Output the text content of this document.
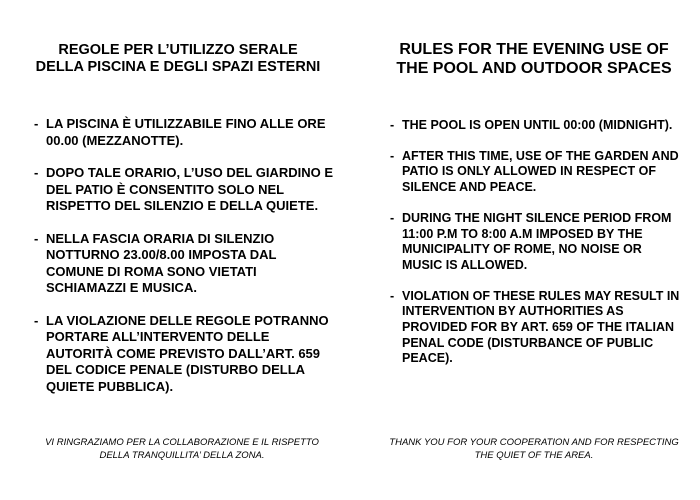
REGOLE PER L’UTILIZZO SERALE DELLA PISCINA E DEGLI SPAZI ESTERNI
- LA PISCINA È UTILIZZABILE FINO ALLE ORE 00.00 (MEZZANOTTE).
- DOPO TALE ORARIO, L’USO DEL GIARDINO E DEL PATIO È CONSENTITO SOLO NEL RISPETTO DEL SILENZIO E DELLA QUIETE.
- NELLA FASCIA ORARIA DI SILENZIO NOTTURNO 23.00/8.00 IMPOSTA DAL COMUNE DI ROMA SONO VIETATI SCHIAMAZZI E MUSICA.
- LA VIOLAZIONE DELLE REGOLE POTRANNO PORTARE ALL’INTERVENTO DELLE AUTORITÀ COME PREVISTO DALL’ART. 659 DEL CODICE PENALE (DISTURBO DELLA QUIETE PUBBLICA).
VI RINGRAZIAMO PER LA COLLABORAZIONE E IL RISPETTO DELLA TRANQUILLITA’ DELLA ZONA.
RULES FOR THE EVENING USE OF THE POOL AND OUTDOOR SPACES
- THE POOL IS OPEN UNTIL 00:00 (MIDNIGHT).
- AFTER THIS TIME, USE OF THE GARDEN AND PATIO IS ONLY ALLOWED IN RESPECT OF SILENCE AND PEACE.
- DURING THE NIGHT SILENCE PERIOD FROM 11:00 P.M TO 8:00 A.M IMPOSED BY THE MUNICIPALITY OF ROME, NO NOISE OR MUSIC IS ALLOWED.
- VIOLATION OF THESE RULES MAY RESULT IN INTERVENTION BY AUTHORITIES AS PROVIDED FOR BY ART. 659 OF THE ITALIAN PENAL CODE (DISTURBANCE OF PUBLIC PEACE).
THANK YOU FOR YOUR COOPERATION AND FOR RESPECTING THE QUIET OF THE AREA.
